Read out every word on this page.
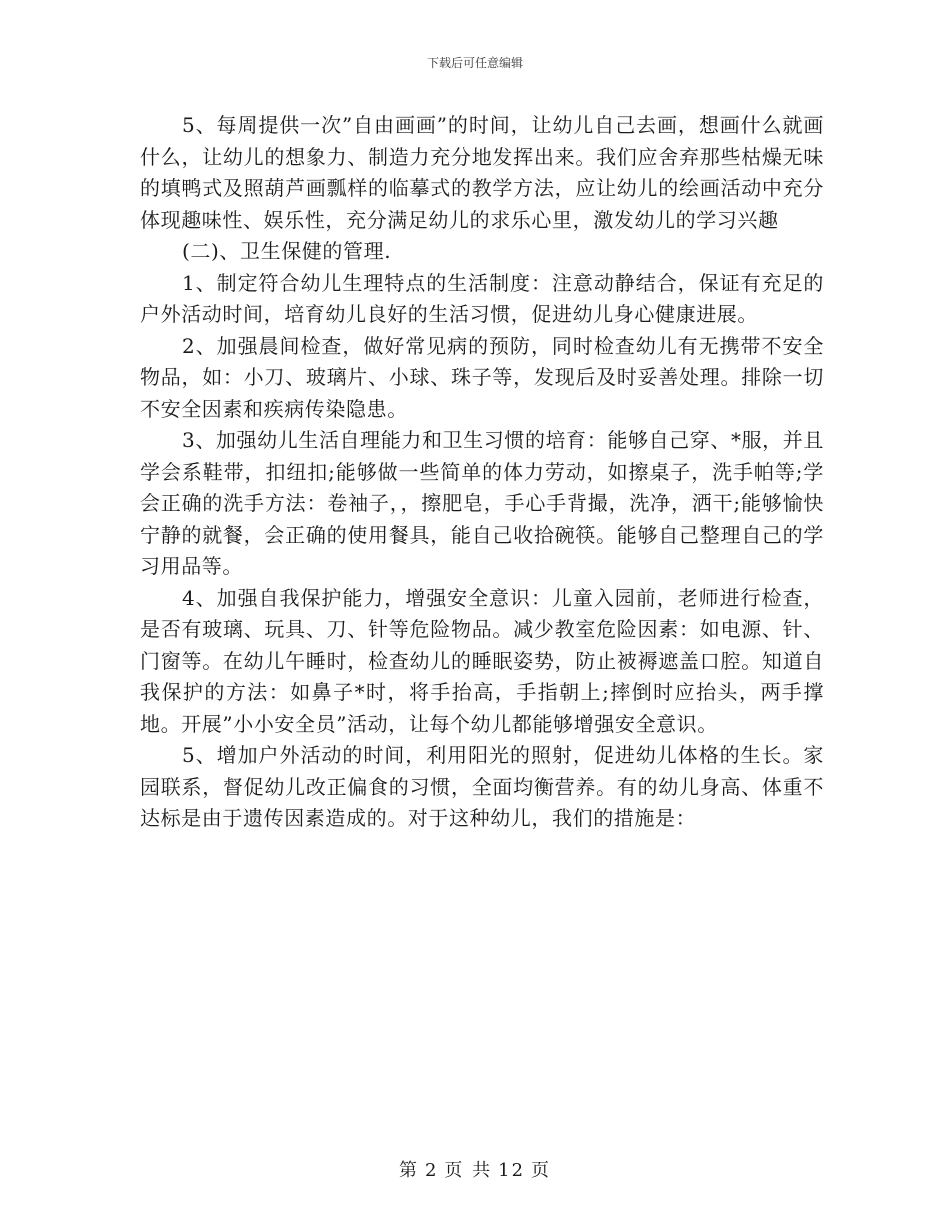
下载后可任意编辑

5、每周提供一次”自由画画”的时间，让幼儿自己去画，想画什么就画什么，让幼儿的想象力、制造力充分地发挥出来。我们应舍弃那些枯燥无味的填鸭式及照葫芦画瓢样的临摹式的教学方法，应让幼儿的绘画活动中充分体现趣味性、娱乐性，充分满足幼儿的求乐心里，激发幼儿的学习兴趣

(二)、卫生保健的管理.

1、制定符合幼儿生理特点的生活制度：注意动静结合，保证有充足的户外活动时间，培育幼儿良好的生活习惯，促进幼儿身心健康进展。

2、加强晨间检查，做好常见病的预防，同时检查幼儿有无携带不安全物品，如：小刀、玻璃片、小球、珠子等，发现后及时妥善处理。排除一切不安全因素和疾病传染隐患。

3、加强幼儿生活自理能力和卫生习惯的培育：能够自己穿、*服，并且学会系鞋带，扣纽扣;能够做一些简单的体力劳动，如擦桌子，洗手帕等;学会正确的洗手方法：卷袖子，，擦肥皂，手心手背撮，洗净，洒干;能够愉快宁静的就餐，会正确的使用餐具，能自己收拾碗筷。能够自己整理自己的学习用品等。

4、加强自我保护能力，增强安全意识：儿童入园前，老师进行检查，是否有玻璃、玩具、刀、针等危险物品。减少教室危险因素：如电源、针、门窗等。在幼儿午睡时，检查幼儿的睡眠姿势，防止被褥遮盖口腔。知道自我保护的方法：如鼻子*时，将手抬高，手指朝上;摔倒时应抬头，两手撑地。开展”小小安全员”活动，让每个幼儿都能够增强安全意识。

5、增加户外活动的时间，利用阳光的照射，促进幼儿体格的生长。家园联系，督促幼儿改正偏食的习惯，全面均衡营养。有的幼儿身高、体重不达标是由于遗传因素造成的。对于这种幼儿，我们的措施是：

第 2 页 共 12 页
